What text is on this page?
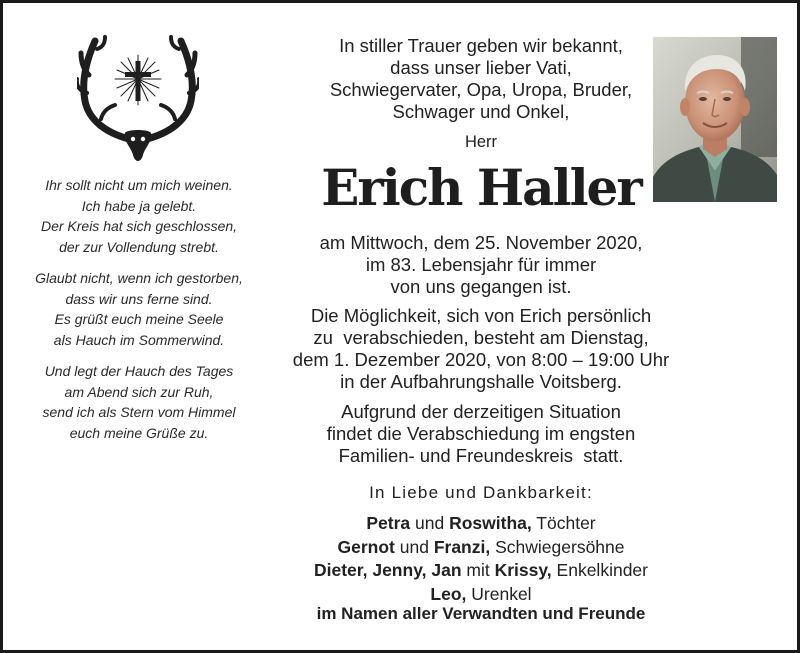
Ihr sollt nicht um mich weinen.
Ich habe ja gelebt.
Der Kreis hat sich geschlossen,
der zur Vollendung strebt.
Glaubt nicht, wenn ich gestorben,
dass wir uns ferne sind.
Es grüßt euch meine Seele
als Hauch im Sommerwind.
Und legt der Hauch des Tages
am Abend sich zur Ruh,
send ich als Stern vom Himmel
euch meine Grüße zu.
In stiller Trauer geben wir bekannt,
dass unser lieber Vati,
Schwiegervater, Opa, Uropa, Bruder,
Schwager und Onkel,
Herr
Erich Haller
am Mittwoch, dem 25. November 2020,
im 83. Lebensjahr für immer
von uns gegangen ist.
Die Möglichkeit, sich von Erich persönlich
zu  verabschieden, besteht am Dienstag,
dem 1. Dezember 2020, von 8:00 – 19:00 Uhr
in der Aufbahrungshalle Voitsberg.
Aufgrund der derzeitigen Situation
findet die Verabschiedung im engsten
Familien- und Freundeskreis  statt.
In Liebe und Dankbarkeit:
Petra und Roswitha, Töchter
Gernot und Franzi, Schwiegersöhne
Dieter, Jenny, Jan mit Krissy, Enkelkinder
Leo, Urenkel
im Namen aller Verwandten und Freunde
